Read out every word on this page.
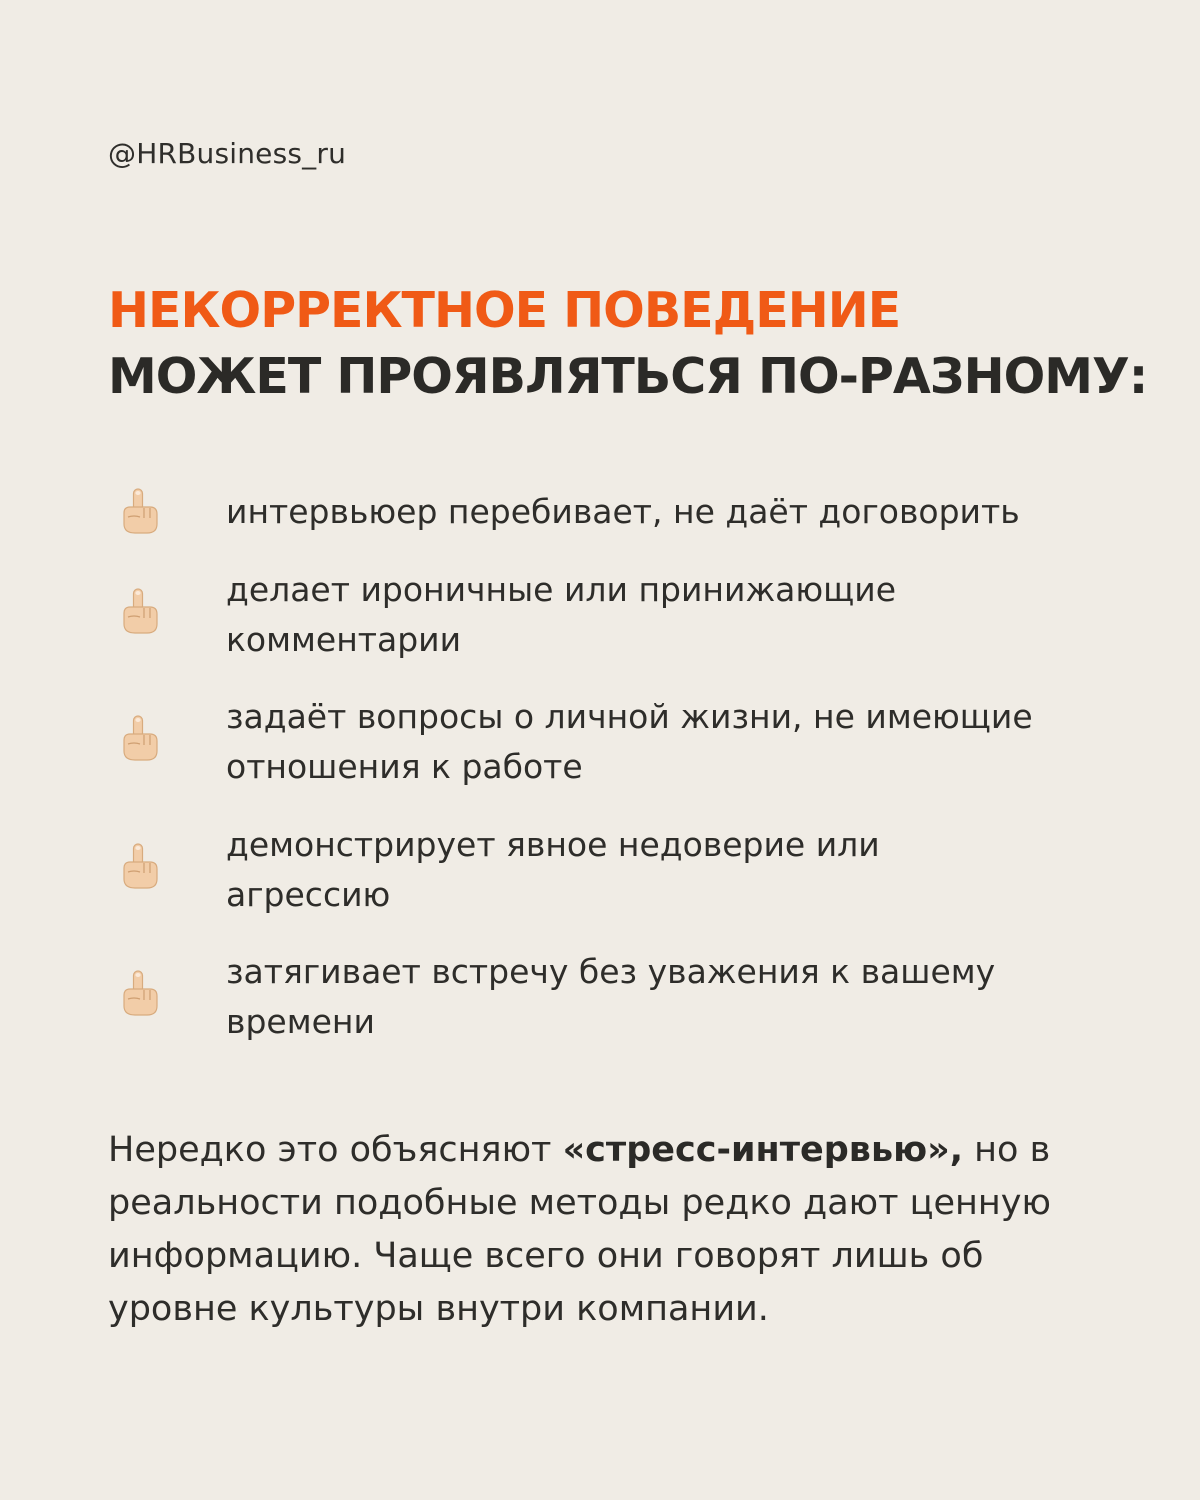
@HRBusiness_ru
НЕКОРРЕКТНОЕ ПОВЕДЕНИЕ
МОЖЕТ ПРОЯВЛЯТЬСЯ ПО-РАЗНОМУ:
интервьюер перебивает, не даёт договорить
делает ироничные или принижающие комментарии
задаёт вопросы о личной жизни, не имеющие отношения к работе
демонстрирует явное недоверие или агрессию
затягивает встречу без уважения к вашему времени
Нередко это объясняют «стресс-интервью», но в реальности подобные методы редко дают ценную информацию. Чаще всего они говорят лишь об уровне культуры внутри компании.
